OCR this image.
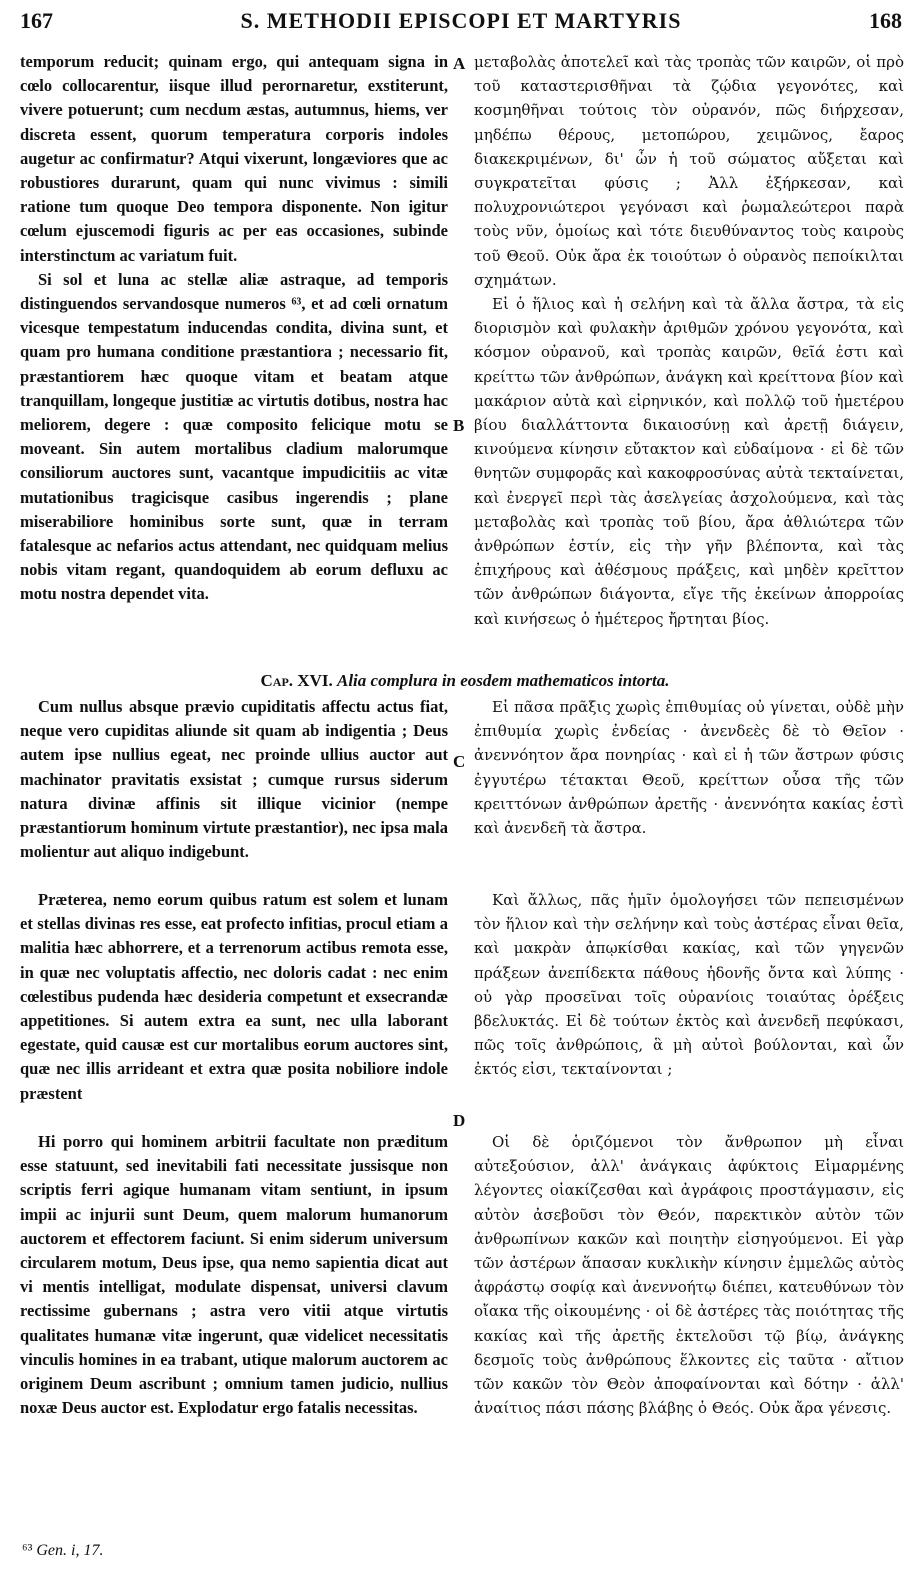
167	S. METHODII EPISCOPI ET MARTYRIS	168
A
B
C
D

temporum reducit; quinam ergo, qui antequam signa in cœlo collocarentur, iisque illud perornaretur, exstiterunt, vivere potuerunt; cum necdum æstas, autumnus, hiems, ver discreta essent, quorum temperatura corporis indoles augetur ac confirmatur? Atqui vixerunt, longæviores que ac robustiores durarunt, quam qui nunc vivimus : simili ratione tum quoque Deo tempora disponente. Non igitur cœlum ejuscemodi figuris ac per eas occasiones, subinde interstinctum ac variatum fuit.

Si sol et luna ac stellæ aliæ astraque, ad temporis distinguendos servandosque numeros ⁶³, et ad cœli ornatum vicesque tempestatum inducendas condita, divina sunt, et quam pro humana conditione præstantiora ; necessario fit, præstantiorem hæc quoque vitam et beatam atque tranquillam, longeque justitiæ ac virtutis dotibus, nostra hac meliorem, degere : quæ composito felicique motu se moveant. Sin autem mortalibus cladium malorumque consiliorum auctores sunt, vacantque impudicitiis ac vitæ mutationibus tragicisque casibus ingerendis ; plane miserabiliore hominibus sorte sunt, quæ in terram fatalesque ac nefarios actus attendant, nec quidquam melius nobis vitam regant, quandoquidem ab eorum defluxu ac motu nostra dependet vita.

μεταβολὰς ἀποτελεῖ καὶ τὰς τροπὰς τῶν καιρῶν, οἱ πρὸ τοῦ καταστερισθῆναι τὰ ζῴδια γεγονότες, καὶ κοσμηθῆναι τούτοις τὸν οὐρανόν, πῶς διήρχεσαν, μηδέπω θέρους, μετοπώρου, χειμῶνος, ἔαρος διακεκριμένων, δι' ὧν ἡ τοῦ σώματος αὔξεται καὶ συγκρατεῖται φύσις ; Ἀλλ ἐξήρκεσαν, καὶ πολυχρονιώτεροι γεγόνασι καὶ ῥωμαλεώτεροι παρὰ τοὺς νῦν, ὁμοίως καὶ τότε διευθύναντος τοὺς καιροὺς τοῦ Θεοῦ. Οὐκ ἄρα ἐκ τοιούτων ὁ οὐρανὸς πεποίκιλται σχημάτων.

Εἰ ὁ ἥλιος καὶ ἡ σελήνη καὶ τὰ ἄλλα ἄστρα, τὰ εἰς διορισμὸν καὶ φυλακὴν ἀριθμῶν χρόνου γεγονότα, καὶ κόσμον οὐρανοῦ, καὶ τροπὰς καιρῶν, θεῖά ἐστι καὶ κρείττω τῶν ἀνθρώπων, ἀνάγκη καὶ κρείττονα βίον καὶ μακάριον αὐτὰ καὶ εἰρηνικόν, καὶ πολλῷ τοῦ ἡμετέρου βίου διαλλάττοντα δικαιοσύνῃ καὶ ἀρετῇ διάγειν, κινούμενα κίνησιν εὔτακτον καὶ εὐδαίμονα · εἰ δὲ τῶν θνητῶν συμφορᾶς καὶ κακοφροσύνας αὐτὰ τεκταίνεται, καὶ ἐνεργεῖ περὶ τὰς ἀσελγείας ἀσχολούμενα, καὶ τὰς μεταβολὰς καὶ τροπὰς τοῦ βίου, ἄρα ἀθλιώτερα τῶν ἀνθρώπων ἐστίν, εἰς τὴν γῆν βλέποντα, καὶ τὰς ἐπιχήρους καὶ ἀθέσμους πράξεις, καὶ μηδὲν κρεῖττον τῶν ἀνθρώπων διάγοντα, εἴγε τῆς ἐκείνων ἀπορροίας καὶ κινήσεως ὁ ἡμέτερος ἤρτηται βίος.

Cap. XVI. Alia complura in eosdem mathematicos intorta.

Cum nullus absque prævio cupiditatis affectu actus fiat, neque vero cupiditas aliunde sit quam ab indigentia ; Deus autem ipse nullius egeat, nec proinde ullius auctor aut machinator pravitatis exsistat ; cumque rursus siderum natura divinæ affinis sit illique vicinior (nempe præstantiorum hominum virtute præstantior), nec ipsa mala molientur aut aliquo indigebunt.

Præterea, nemo eorum quibus ratum est solem et lunam et stellas divinas res esse, eat profecto infitias, procul etiam a malitia hæc abhorrere, et a terrenorum actibus remota esse, in quæ nec voluptatis affectio, nec doloris cadat : nec enim cœlestibus pudenda hæc desideria competunt et exsecrandæ appetitiones. Si autem extra ea sunt, nec ulla laborant egestate, quid causæ est cur mortalibus eorum auctores sint, quæ nec illis arrideant et extra quæ posita nobiliore indole præstent

Hi porro qui hominem arbitrii facultate non præditum esse statuunt, sed inevitabili fati necessitate jussisque non scriptis ferri agique humanam vitam sentiunt, in ipsum impii ac injurii sunt Deum, quem malorum humanorum auctorem et effectorem faciunt. Si enim siderum universum circularem motum, Deus ipse, qua nemo sapientia dicat aut vi mentis intelligat, modulate dispensat, universi clavum rectissime gubernans ; astra vero vitii atque virtutis qualitates humanæ vitæ ingerunt, quæ videlicet necessitatis vinculis homines in ea trabant, utique malorum auctorem ac originem Deum ascribunt ; omnium tamen judicio, nullius noxæ Deus auctor est. Explodatur ergo fatalis necessitas.

Εἰ πᾶσα πρᾶξις χωρὶς ἐπιθυμίας οὐ γίνεται, οὐδὲ μὴν ἐπιθυμία χωρὶς ἐνδείας · ἀνενδεὲς δὲ τὸ Θεῖον · ἀνεννόητον ἄρα πονηρίας · καὶ εἰ ἡ τῶν ἄστρων φύσις ἐγγυτέρω τέτακται Θεοῦ, κρείττων οὖσα τῆς τῶν κρειττόνων ἀνθρώπων ἀρετῆς · ἀνεννόητα κακίας ἐστὶ καὶ ἀνενδεῆ τὰ ἄστρα.

Καὶ ἄλλως, πᾶς ἡμῖν ὁμολογήσει τῶν πεπεισμένων τὸν ἥλιον καὶ τὴν σελήνην καὶ τοὺς ἀστέρας εἶναι θεῖα, καὶ μακρὰν ἀπῳκίσθαι κακίας, καὶ τῶν γηγενῶν πράξεων ἀνεπίδεκτα πάθους ἡδονῆς ὄντα καὶ λύπης · οὐ γὰρ προσεῖναι τοῖς οὐρανίοις τοιαύτας ὀρέξεις βδελυκτάς. Εἰ δὲ τούτων ἐκτὸς καὶ ἀνενδεῆ πεφύκασι, πῶς τοῖς ἀνθρώποις, ἃ μὴ αὐτοὶ βούλονται, καὶ ὧν ἐκτός εἰσι, τεκταίνονται ;

Οἱ δὲ ὁριζόμενοι τὸν ἄνθρωπον μὴ εἶναι αὐτεξούσιον, ἀλλ' ἀνάγκαις ἀφύκτοις Εἱμαρμένης λέγοντες οἰακίζεσθαι καὶ ἀγράφοις προστάγμασιν, εἰς αὐτὸν ἀσεβοῦσι τὸν Θεόν, παρεκτικὸν αὐτὸν τῶν ἀνθρωπίνων κακῶν καὶ ποιητὴν εἰσηγούμενοι. Εἰ γὰρ τῶν ἀστέρων ἅπασαν κυκλικὴν κίνησιν ἐμμελῶς αὐτὸς ἀφράστῳ σοφίᾳ καὶ ἀνεννοήτῳ διέπει, κατευθύνων τὸν οἴακα τῆς οἰκουμένης · οἱ δὲ ἀστέρες τὰς ποιότητας τῆς κακίας καὶ τῆς ἀρετῆς ἐκτελοῦσι τῷ βίῳ, ἀνάγκης δεσμοῖς τοὺς ἀνθρώπους ἕλκοντες εἰς ταῦτα · αἴτιον τῶν κακῶν τὸν Θεὸν ἀποφαίνονται καὶ δότην · ἀλλ' ἀναίτιος πάσι πάσης βλάβης ὁ Θεός. Οὐκ ἄρα γένεσις.

⁶³ Gen. i, 17.
